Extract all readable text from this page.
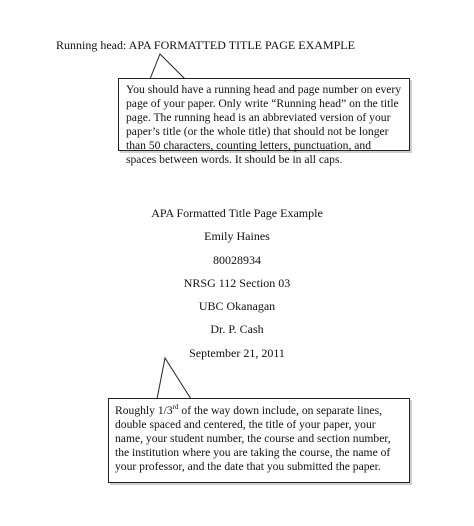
Running head: APA FORMATTED TITLE PAGE EXAMPLE
You should have a running head and page number on every page of your paper. Only write “Running head” on the title page. The running head is an abbreviated version of your paper’s title (or the whole title) that should not be longer than 50 characters, counting letters, punctuation, and spaces between words. It should be in all caps.
APA Formatted Title Page Example
Emily Haines
80028934
NRSG 112 Section 03
UBC Okanagan
Dr. P. Cash
September 21, 2011
Roughly 1/3rd of the way down include, on separate lines, double spaced and centered, the title of your paper, your name, your student number, the course and section number, the institution where you are taking the course, the name of your professor, and the date that you submitted the paper.
